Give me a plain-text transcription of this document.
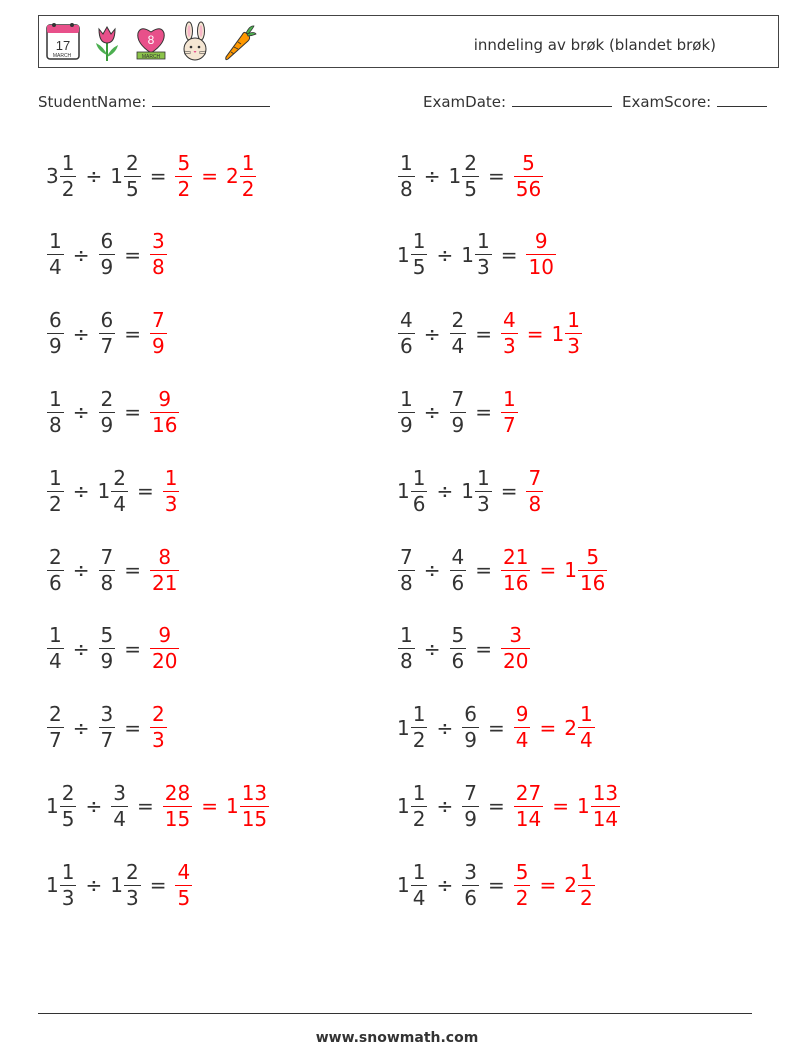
17
MARCH
8
MARCH
inndeling av brøk (blandet brøk)
StudentName:	ExamDate:	ExamScore:
$3 \frac{1}{2} \div 1 \frac{2}{5} = \frac{5}{2} = 2 \frac{1}{2}$	$\frac{1}{8} \div 1 \frac{2}{5} = \frac{5}{56}$
$\frac{1}{4} \div \frac{6}{9} = \frac{3}{8}$	$1 \frac{1}{5} \div 1 \frac{1}{3} = \frac{9}{10}$
$\frac{6}{9} \div \frac{6}{7} = \frac{7}{9}$	$\frac{4}{6} \div \frac{2}{4} = \frac{4}{3} = 1 \frac{1}{3}$
$\frac{1}{8} \div \frac{2}{9} = \frac{9}{16}$	$\frac{1}{9} \div \frac{7}{9} = \frac{1}{7}$
$\frac{1}{2} \div 1 \frac{2}{4} = \frac{1}{3}$	$1 \frac{1}{6} \div 1 \frac{1}{3} = \frac{7}{8}$
$\frac{2}{6} \div \frac{7}{8} = \frac{8}{21}$	$\frac{7}{8} \div \frac{4}{6} = \frac{21}{16} = 1 \frac{5}{16}$
$\frac{1}{4} \div \frac{5}{9} = \frac{9}{20}$	$\frac{1}{8} \div \frac{5}{6} = \frac{3}{20}$
$\frac{2}{7} \div \frac{3}{7} = \frac{2}{3}$	$1 \frac{1}{2} \div \frac{6}{9} = \frac{9}{4} = 2 \frac{1}{4}$
$1 \frac{2}{5} \div \frac{3}{4} = \frac{28}{15} = 1 \frac{13}{15}$	$1 \frac{1}{2} \div \frac{7}{9} = \frac{27}{14} = 1 \frac{13}{14}$
$1 \frac{1}{3} \div 1 \frac{2}{3} = \frac{4}{5}$	$1 \frac{1}{4} \div \frac{3}{6} = \frac{5}{2} = 2 \frac{1}{2}$
www.snowmath.com
